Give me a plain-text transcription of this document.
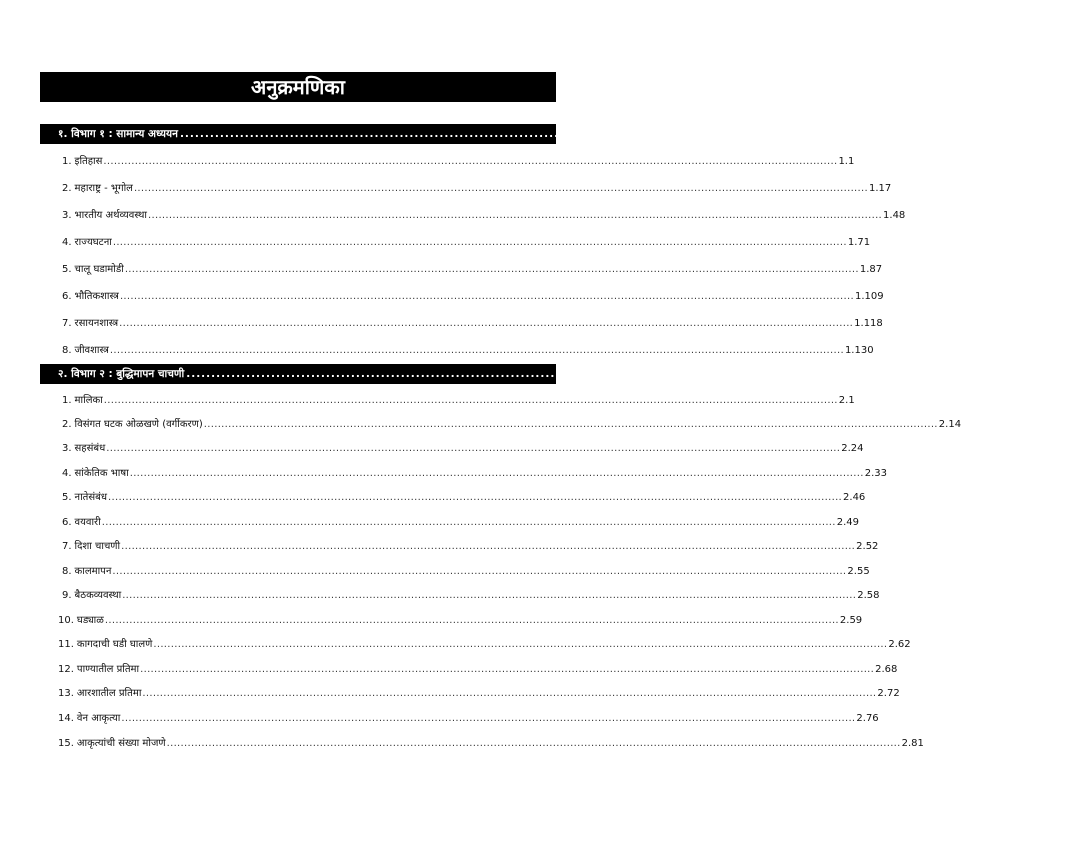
अनुक्रमणिका
१. विभाग १ : सामान्य अध्ययन .....	1.1 – 1.150
1. इतिहास .....	1.1
2. महाराष्ट्र - भूगोल .....	1.17
3. भारतीय अर्थव्यवस्था .....	1.48
4. राज्यघटना .....	1.71
5. चालू घडामोडी .....	1.87
6. भौतिकशास्त्र .....	1.109
7. रसायनशास्त्र .....	1.118
8. जीवशास्त्र .....	1.130
२. विभाग २ : बुद्धिमापन चाचणी .....	2.1 – 2.84
1. मालिका .....	2.1
2. विसंगत घटक ओळखणे (वर्गीकरण) .....	2.14
3. सहसंबंध .....	2.24
4. सांकेतिक भाषा .....	2.33
5. नातेसंबंध .....	2.46
6. वयवारी .....	2.49
7. दिशा चाचणी .....	2.52
8. कालमापन .....	2.55
9. बैठकव्यवस्था .....	2.58
10. घड्याळ .....	2.59
11. कागदाची घडी घालणे .....	2.62
12. पाण्यातील प्रतिमा .....	2.68
13. आरशातील प्रतिमा .....	2.72
14. वेन आकृत्या .....	2.76
15. आकृत्यांची संख्या मोजणे .....	2.81
